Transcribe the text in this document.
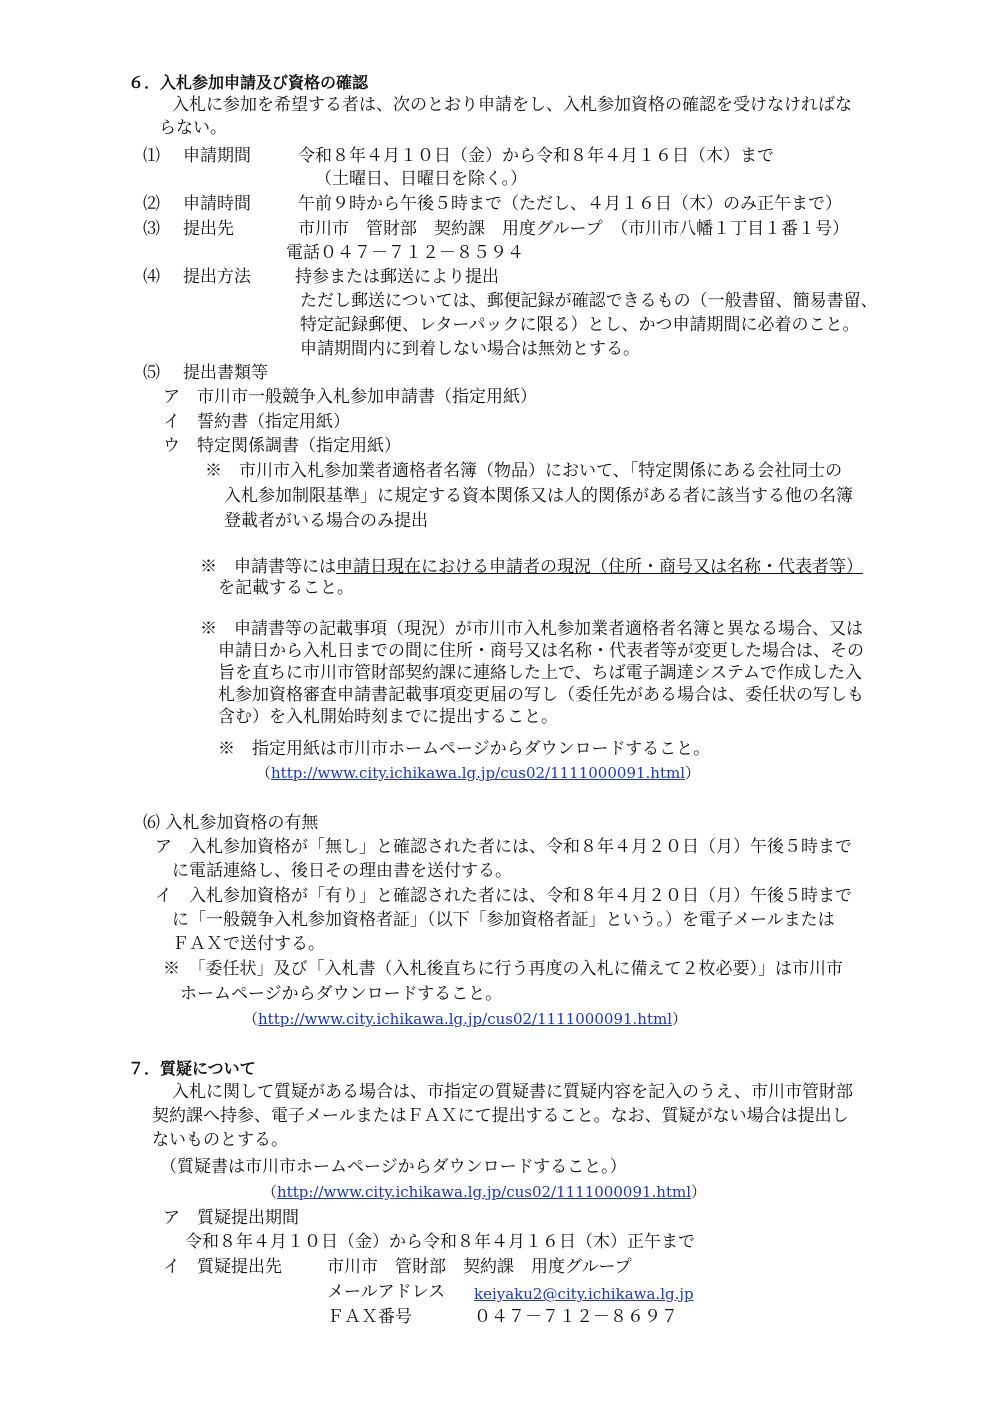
６．入札参加申請及び資格の確認
入札に参加を希望する者は、次のとおり申請をし、入札参加資格の確認を受けなければな
らない。
⑴ 申請期間	令和８年４月１０日（金）から令和８年４月１６日（木）まで
（土曜日、日曜日を除く。）
⑵ 申請時間	午前９時から午後５時まで（ただし、４月１６日（木）のみ正午まで）
⑶ 提出先	市川市　管財部　契約課　用度グループ　（市川市八幡１丁目１番１号）
電話０４７－７１２－８５９４
⑷ 提出方法	持参または郵送により提出
ただし郵送については、郵便記録が確認できるもの（一般書留、簡易書留、
特定記録郵便、レターパックに限る）とし、かつ申請期間に必着のこと。
申請期間内に到着しない場合は無効とする。
⑸ 提出書類等
ア　市川市一般競争入札参加申請書（指定用紙）
イ　誓約書（指定用紙）
ウ　特定関係調書（指定用紙）
※　市川市入札参加業者適格者名簿（物品）において、「特定関係にある会社同士の
入札参加制限基準」に規定する資本関係又は人的関係がある者に該当する他の名簿
登載者がいる場合のみ提出
※　申請書等には申請日現在における申請者の現況（住所・商号又は名称・代表者等）
を記載すること。
※　申請書等の記載事項（現況）が市川市入札参加業者適格者名簿と異なる場合、又は
申請日から入札日までの間に住所・商号又は名称・代表者等が変更した場合は、その
旨を直ちに市川市管財部契約課に連絡した上で、ちば電子調達システムで作成した入
札参加資格審査申請書記載事項変更届の写し（委任先がある場合は、委任状の写しも
含む）を入札開始時刻までに提出すること。
※　指定用紙は市川市ホームページからダウンロードすること。
（http://www.city.ichikawa.lg.jp/cus02/1111000091.html）
⑹ 入札参加資格の有無
ア　入札参加資格が「無し」と確認された者には、令和８年４月２０日（月）午後５時まで
に電話連絡し、後日その理由書を送付する。
イ　入札参加資格が「有り」と確認された者には、令和８年４月２０日（月）午後５時まで
に「一般競争入札参加資格者証」（以下「参加資格者証」という。）を電子メールまたは
ＦＡＸで送付する。
※　「委任状」及び「入札書（入札後直ちに行う再度の入札に備えて２枚必要）」は市川市
ホームページからダウンロードすること。
（http://www.city.ichikawa.lg.jp/cus02/1111000091.html）
７．質疑について
入札に関して質疑がある場合は、市指定の質疑書に質疑内容を記入のうえ、市川市管財部
契約課へ持参、電子メールまたはＦＡＸにて提出すること。なお、質疑がない場合は提出し
ないものとする。
（質疑書は市川市ホームページからダウンロードすること。）
（http://www.city.ichikawa.lg.jp/cus02/1111000091.html）
ア　質疑提出期間
令和８年４月１０日（金）から令和８年４月１６日（木）正午まで
イ　質疑提出先	市川市　管財部　契約課　用度グループ
メールアドレス keiyaku2@city.ichikawa.lg.jp
ＦＡＸ番号	０４７－７１２－８６９７
